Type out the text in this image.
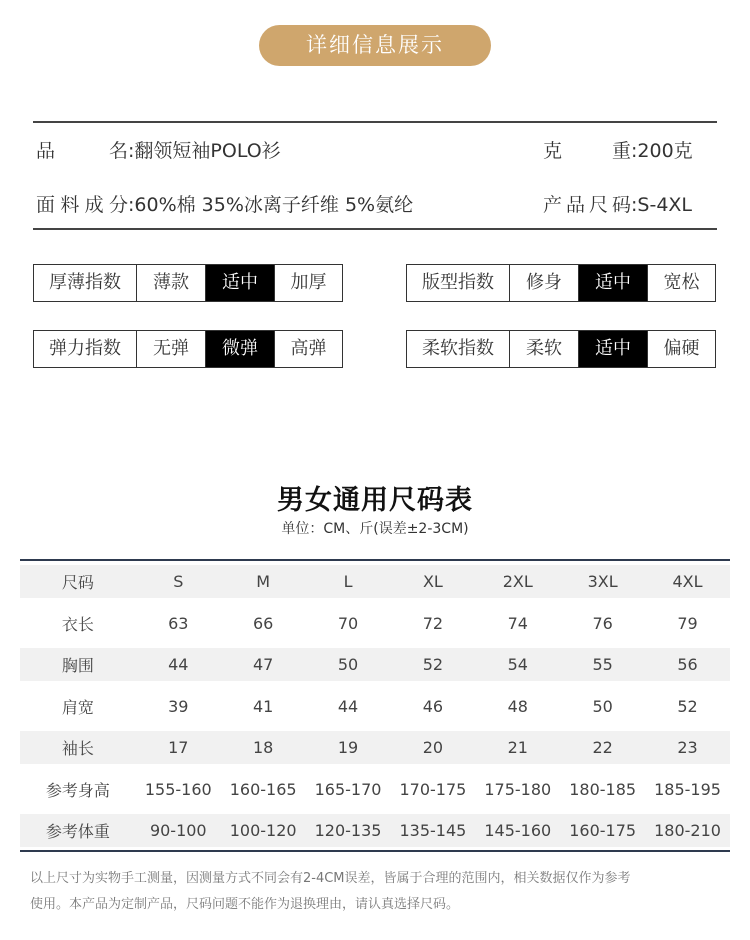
详细信息展示
品名:翻领短袖POLO衫	克重:200克
面料成分:60%棉 35%冰离子纤维 5%氨纶	产品尺码:S-4XL
厚薄指数	薄款	适中	加厚	版型指数	修身	适中	宽松
弹力指数	无弹	微弹	高弹	柔软指数	柔软	适中	偏硬
男女通用尺码表
单位：CM、斤(误差±2-3CM)
尺码	S	M	L	XL	2XL	3XL	4XL
衣长	63	66	70	72	74	76	79
胸围	44	47	50	52	54	55	56
肩宽	39	41	44	46	48	50	52
袖长	17	18	19	20	21	22	23
参考身高	155-160	160-165	165-170	170-175	175-180	180-185	185-195
参考体重	90-100	100-120	120-135	135-145	145-160	160-175	180-210
以上尺寸为实物手工测量，因测量方式不同会有2-4CM误差，皆属于合理的范围内，相关数据仅作为参考
使用。本产品为定制产品，尺码问题不能作为退换理由，请认真选择尺码。
